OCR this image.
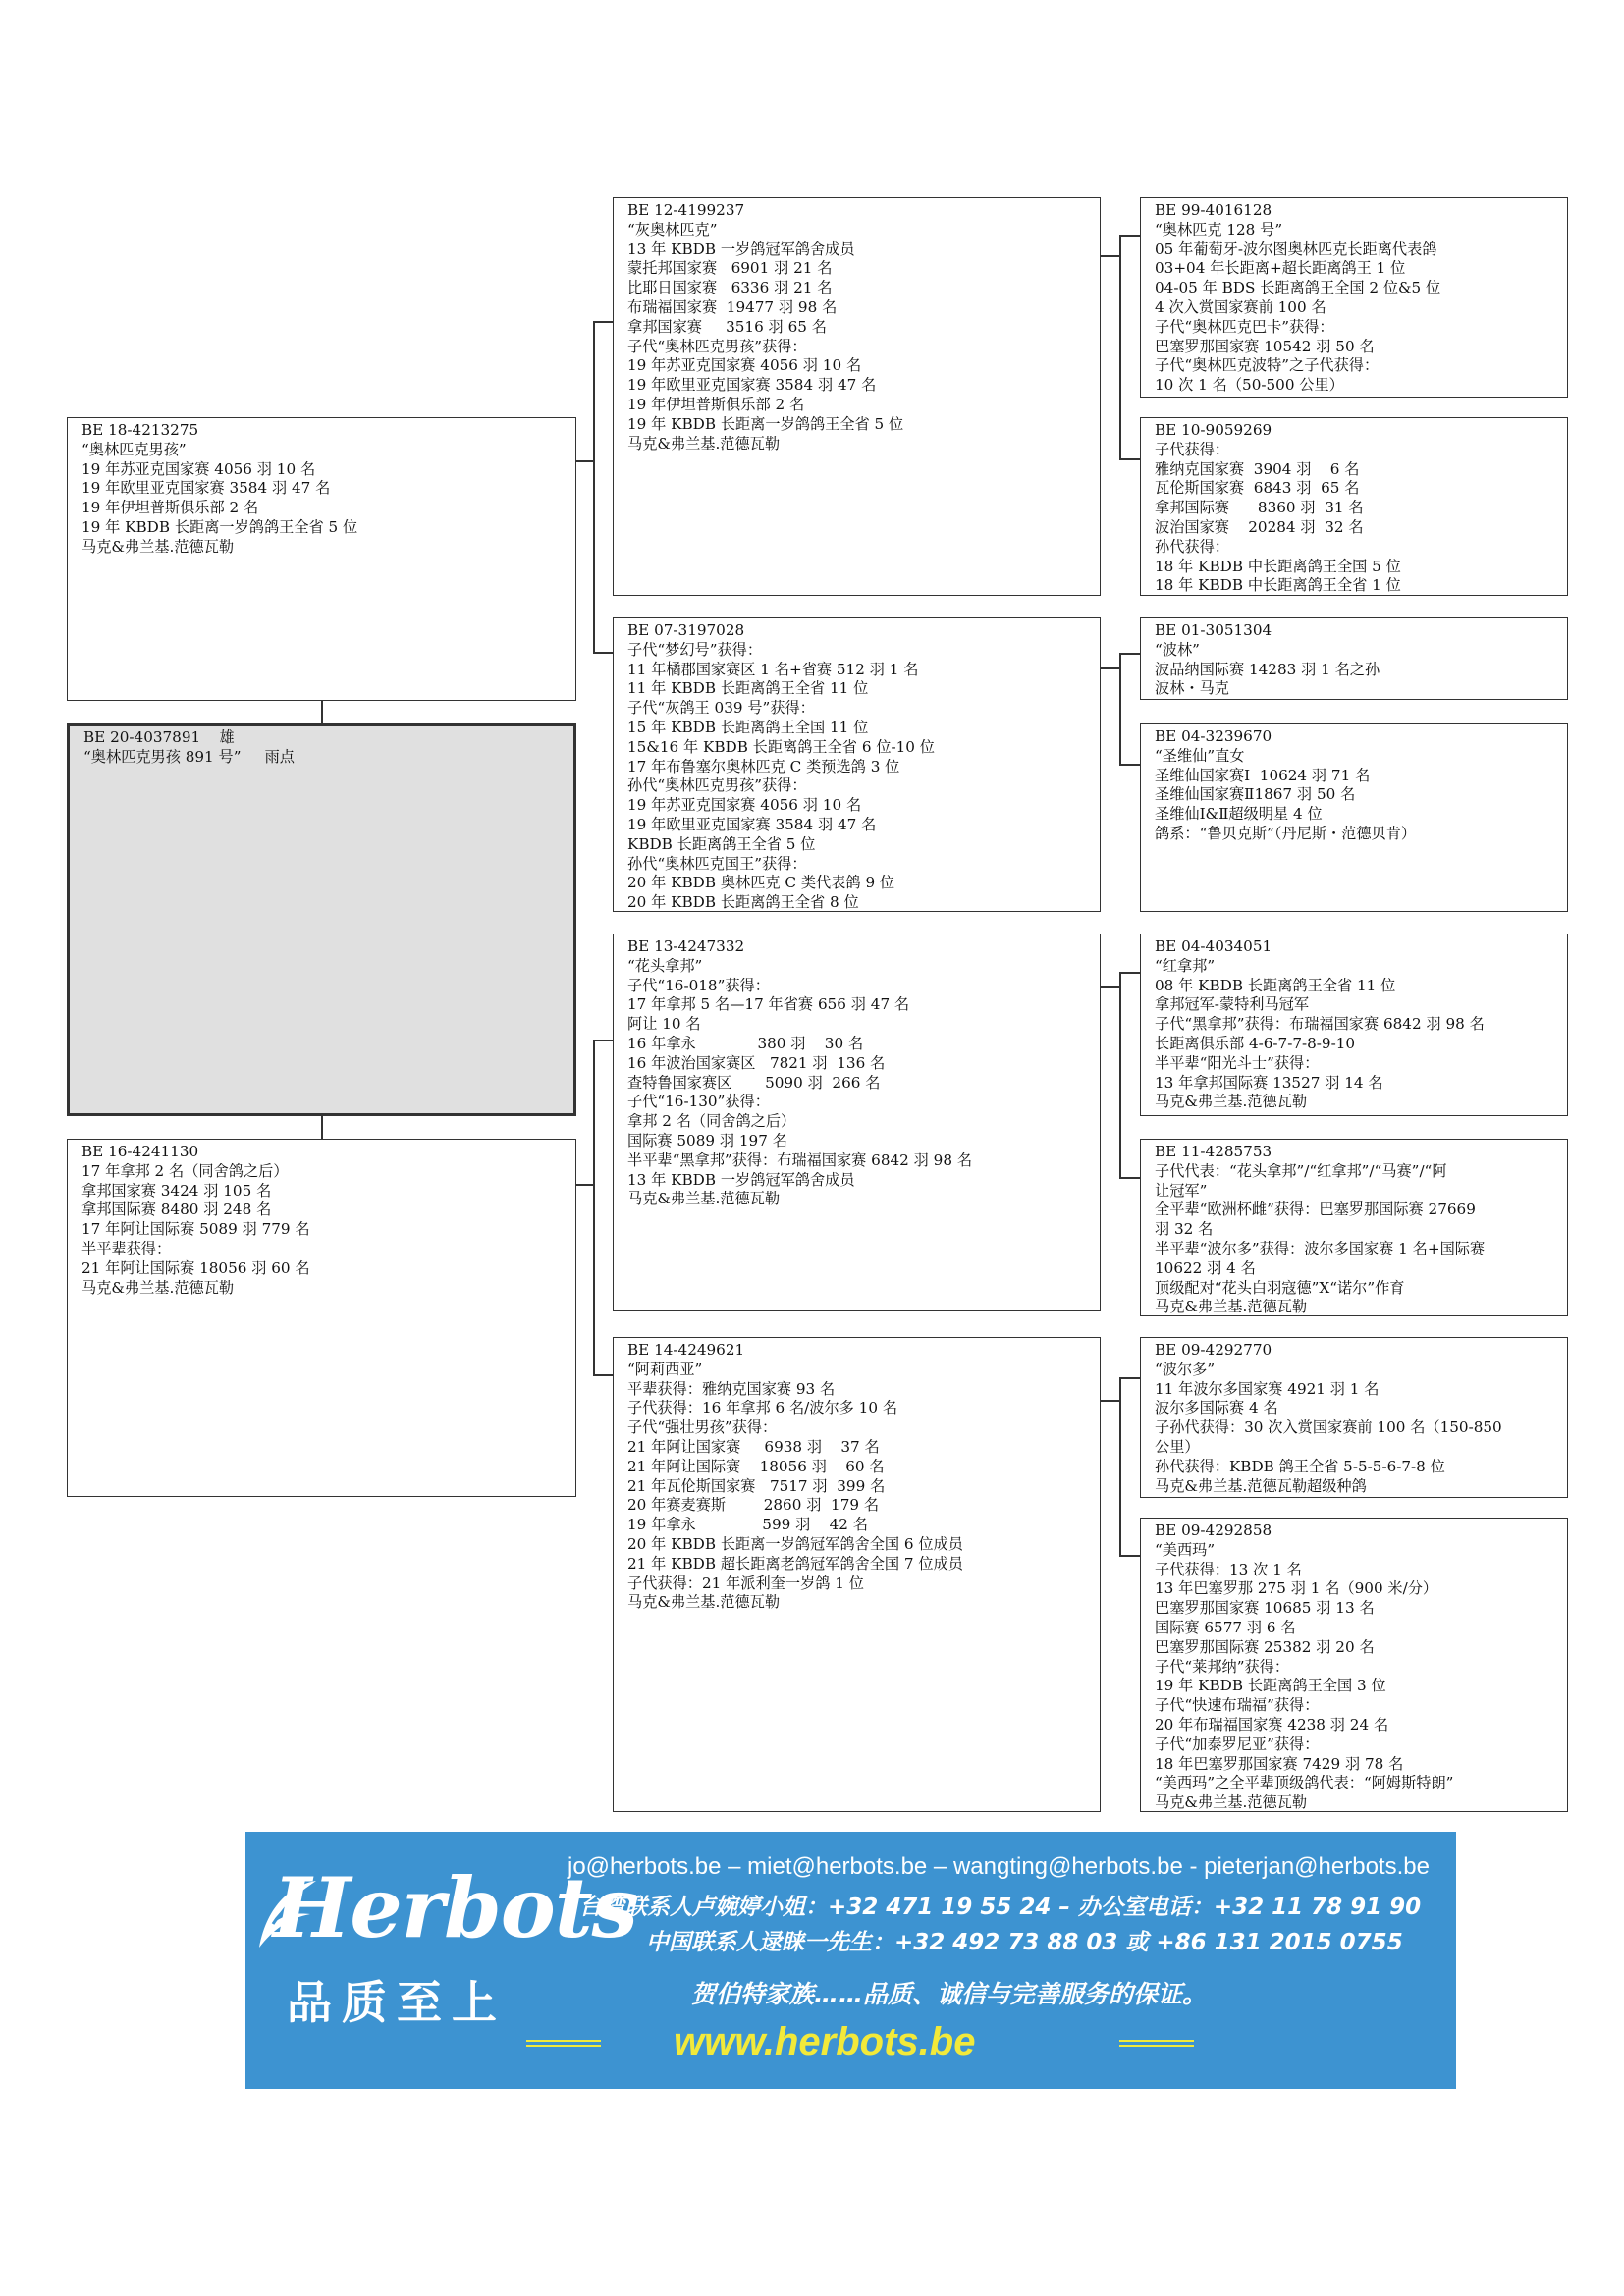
BE 18-4213275
“奥林匹克男孩”
19 年苏亚克国家赛 4056 羽 10 名
19 年欧里亚克国家赛 3584 羽 47 名
19 年伊坦普斯俱乐部 2 名
19 年 KBDB 长距离一岁鸽鸽王全省 5 位
马克&弗兰基.范德瓦勒
BE 20-4037891    雄
“奥林匹克男孩 891 号”     雨点
BE 16-4241130
17 年拿邦 2 名（同舍鸽之后）
拿邦国家赛 3424 羽 105 名
拿邦国际赛 8480 羽 248 名
17 年阿让国际赛 5089 羽 779 名
半平辈获得：
21 年阿让国际赛 18056 羽 60 名
马克&弗兰基.范德瓦勒
BE 12-4199237
“灰奥林匹克”
13 年 KBDB 一岁鸽冠军鸽舍成员
蒙托邦国家赛   6901 羽 21 名
比耶日国家赛   6336 羽 21 名
布瑞福国家赛  19477 羽 98 名
拿邦国家赛     3516 羽 65 名
子代“奥林匹克男孩”获得：
19 年苏亚克国家赛 4056 羽 10 名
19 年欧里亚克国家赛 3584 羽 47 名
19 年伊坦普斯俱乐部 2 名
19 年 KBDB 长距离一岁鸽鸽王全省 5 位
马克&弗兰基.范德瓦勒
BE 07-3197028
子代“梦幻号”获得：
11 年橘郡国家赛区 1 名+省赛 512 羽 1 名
11 年 KBDB 长距离鸽王全省 11 位
子代“灰鸽王 039 号”获得：
15 年 KBDB 长距离鸽王全国 11 位
15&16 年 KBDB 长距离鸽王全省 6 位-10 位
17 年布鲁塞尔奥林匹克 C 类预选鸽 3 位
孙代“奥林匹克男孩”获得：
19 年苏亚克国家赛 4056 羽 10 名
19 年欧里亚克国家赛 3584 羽 47 名
KBDB 长距离鸽王全省 5 位
孙代“奥林匹克国王”获得：
20 年 KBDB 奥林匹克 C 类代表鸽 9 位
20 年 KBDB 长距离鸽王全省 8 位
BE 13-4247332
“花头拿邦”
子代“16-018”获得：
17 年拿邦 5 名—17 年省赛 656 羽 47 名
阿让 10 名
16 年拿永             380 羽    30 名
16 年波治国家赛区   7821 羽  136 名
查特鲁国家赛区       5090 羽  266 名
子代“16-130”获得：
拿邦 2 名（同舍鸽之后）
国际赛 5089 羽 197 名
半平辈“黑拿邦”获得：布瑞福国家赛 6842 羽 98 名
13 年 KBDB 一岁鸽冠军鸽舍成员
马克&弗兰基.范德瓦勒
BE 14-4249621
“阿莉西亚”
平辈获得：雅纳克国家赛 93 名
子代获得：16 年拿邦 6 名/波尔多 10 名
子代“强壮男孩”获得：
21 年阿让国家赛     6938 羽    37 名
21 年阿让国际赛    18056 羽    60 名
21 年瓦伦斯国家赛   7517 羽  399 名
20 年赛麦赛斯        2860 羽  179 名
19 年拿永              599 羽    42 名
20 年 KBDB 长距离一岁鸽冠军鸽舍全国 6 位成员
21 年 KBDB 超长距离老鸽冠军鸽舍全国 7 位成员
子代获得：21 年派利奎一岁鸽 1 位
马克&弗兰基.范德瓦勒
BE 99-4016128
“奥林匹克 128 号”
05 年葡萄牙-波尔图奥林匹克长距离代表鸽
03+04 年长距离+超长距离鸽王 1 位
04-05 年 BDS 长距离鸽王全国 2 位&5 位
4 次入赏国家赛前 100 名
子代“奥林匹克巴卡”获得：
巴塞罗那国家赛 10542 羽 50 名
子代“奥林匹克波特”之子代获得：
10 次 1 名（50-500 公里）
BE 10-9059269
子代获得：
雅纳克国家赛  3904 羽    6 名
瓦伦斯国家赛  6843 羽  65 名
拿邦国际赛      8360 羽  31 名
波治国家赛    20284 羽  32 名
孙代获得：
18 年 KBDB 中长距离鸽王全国 5 位
18 年 KBDB 中长距离鸽王全省 1 位
BE 01-3051304
“波林”
波品纳国际赛 14283 羽 1 名之孙
波林・马克
BE 04-3239670
“圣维仙”直女
圣维仙国家赛Ⅰ  10624 羽 71 名
圣维仙国家赛Ⅱ1867 羽 50 名
圣维仙Ⅰ&Ⅱ超级明星 4 位
鸽系：“鲁贝克斯”（丹尼斯・范德贝肯）
BE 04-4034051
“红拿邦”
08 年 KBDB 长距离鸽王全省 11 位
拿邦冠军-蒙特利马冠军
子代“黑拿邦”获得：布瑞福国家赛 6842 羽 98 名
长距离俱乐部 4-6-7-7-8-9-10
半平辈“阳光斗士”获得：
13 年拿邦国际赛 13527 羽 14 名
马克&弗兰基.范德瓦勒
BE 11-4285753
子代代表：“花头拿邦”/“红拿邦”/“马赛”/“阿
让冠军”
全平辈“欧洲杯雌”获得：巴塞罗那国际赛 27669
羽 32 名
半平辈“波尔多”获得：波尔多国家赛 1 名+国际赛
10622 羽 4 名
顶级配对“花头白羽寇德”X“诺尔”作育
马克&弗兰基.范德瓦勒
BE 09-4292770
“波尔多”
11 年波尔多国家赛 4921 羽 1 名
波尔多国际赛 4 名
子孙代获得：30 次入赏国家赛前 100 名（150-850
公里）
孙代获得：KBDB 鸽王全省 5-5-5-6-7-8 位
马克&弗兰基.范德瓦勒超级种鸽
BE 09-4292858
“美西玛”
子代获得：13 次 1 名
13 年巴塞罗那 275 羽 1 名（900 米/分）
巴塞罗那国家赛 10685 羽 13 名
国际赛 6577 羽 6 名
巴塞罗那国际赛 25382 羽 20 名
子代“莱邦纳”获得：
19 年 KBDB 长距离鸽王全国 3 位
子代“快速布瑞福”获得：
20 年布瑞福国家赛 4238 羽 24 名
子代“加泰罗尼亚”获得：
18 年巴塞罗那国家赛 7429 羽 78 名
“美西玛”之全平辈顶级鸽代表：“阿姆斯特朗”
马克&弗兰基.范德瓦勒
Herbots
品质至上
jo@herbots.be – miet@herbots.be – wangting@herbots.be - pieterjan@herbots.be
台湾联系人卢婉婷小姐：+32 471 19 55 24 – 办公室电话：+32 11 78 91 90
中国联系人逯睐一先生：+32 492 73 88 03 或 +86 131 2015 0755
贺伯特家族……品质、诚信与完善服务的保证。
www.herbots.be
